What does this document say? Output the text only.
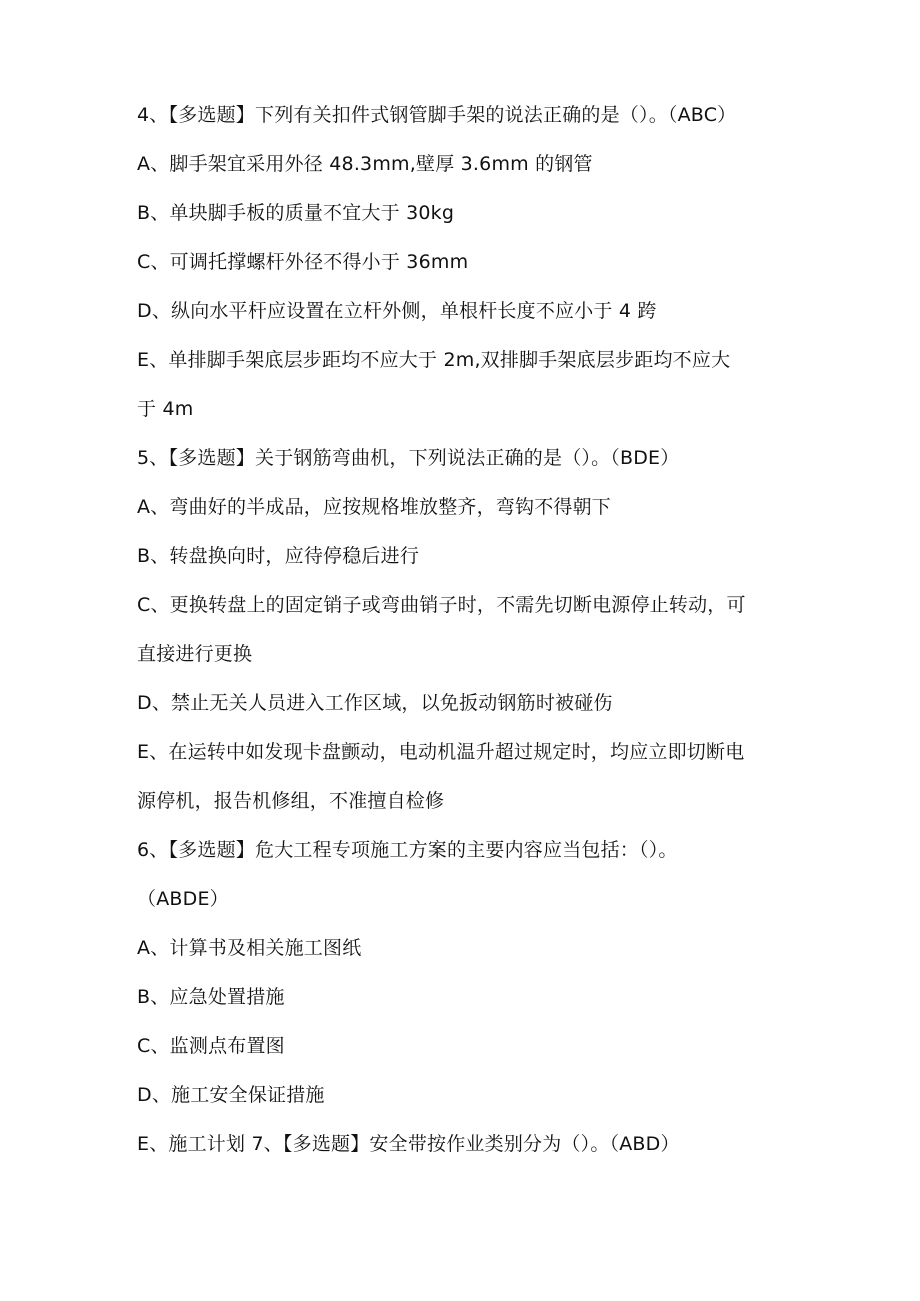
4、【多选题】下列有关扣件式钢管脚手架的说法正确的是（）。（ABC）
A、脚手架宜采用外径 48.3mm,壁厚 3.6mm 的钢管
B、单块脚手板的质量不宜大于 30kg
C、可调托撑螺杆外径不得小于 36mm
D、纵向水平杆应设置在立杆外侧，单根杆长度不应小于 4 跨
E、单排脚手架底层步距均不应大于 2m,双排脚手架底层步距均不应大
于 4m
5、【多选题】关于钢筋弯曲机，下列说法正确的是（）。（BDE）
A、弯曲好的半成品，应按规格堆放整齐，弯钩不得朝下
B、转盘换向时，应待停稳后进行
C、更换转盘上的固定销子或弯曲销子时，不需先切断电源停止转动，可
直接进行更换
D、禁止无关人员进入工作区域，以免扳动钢筋时被碰伤
E、在运转中如发现卡盘颤动，电动机温升超过规定时，均应立即切断电
源停机，报告机修组，不准擅自检修
6、【多选题】危大工程专项施工方案的主要内容应当包括：（）。
（ABDE）
A、计算书及相关施工图纸
B、应急处置措施
C、监测点布置图
D、施工安全保证措施
E、施工计划 7、【多选题】安全带按作业类别分为（）。（ABD）
